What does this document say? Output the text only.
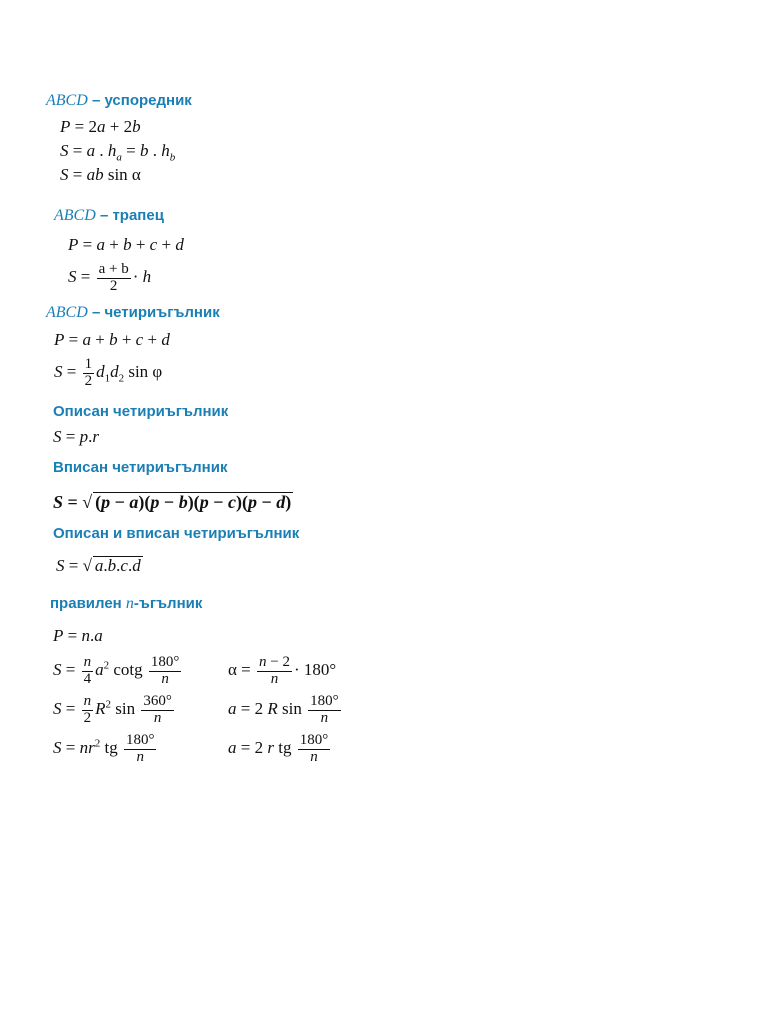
ABCD – успоредник
P = 2a + 2b
S = a . $h_a = b$ . $h_b$
S = ab sin α
ABCD – трапец
P = a + b + c + d
$S = \frac{a + b}{2} \cdot h$
ABCD – четириъгълник
P = a + b + c + d
$S = \frac{1}{2} d_1d_2$ sin φ
Описан четириъгълник
S = p.r
Вписан четириъгълник
S = √ (p − a)(p − b)(p − c)(p − d)
Описан и вписан четириъгълник
S = √ a.b.c.d
правилен n-ъгълник
P = n.a
$S = \frac{n}{4} a^2$ cotg $\frac{180^\circ}{n}$
$S = \frac{n}{2} R^2$ $\sin \frac{360^\circ}{n}$
$S = nr^2$ tg $\frac{180^\circ}{n}$
$\alpha = \frac{n - 2}{n} \cdot 180^\circ$
a = 2 R $\sin \frac{180^\circ}{n}$
a = 2 r tg $\frac{180^\circ}{n}$
